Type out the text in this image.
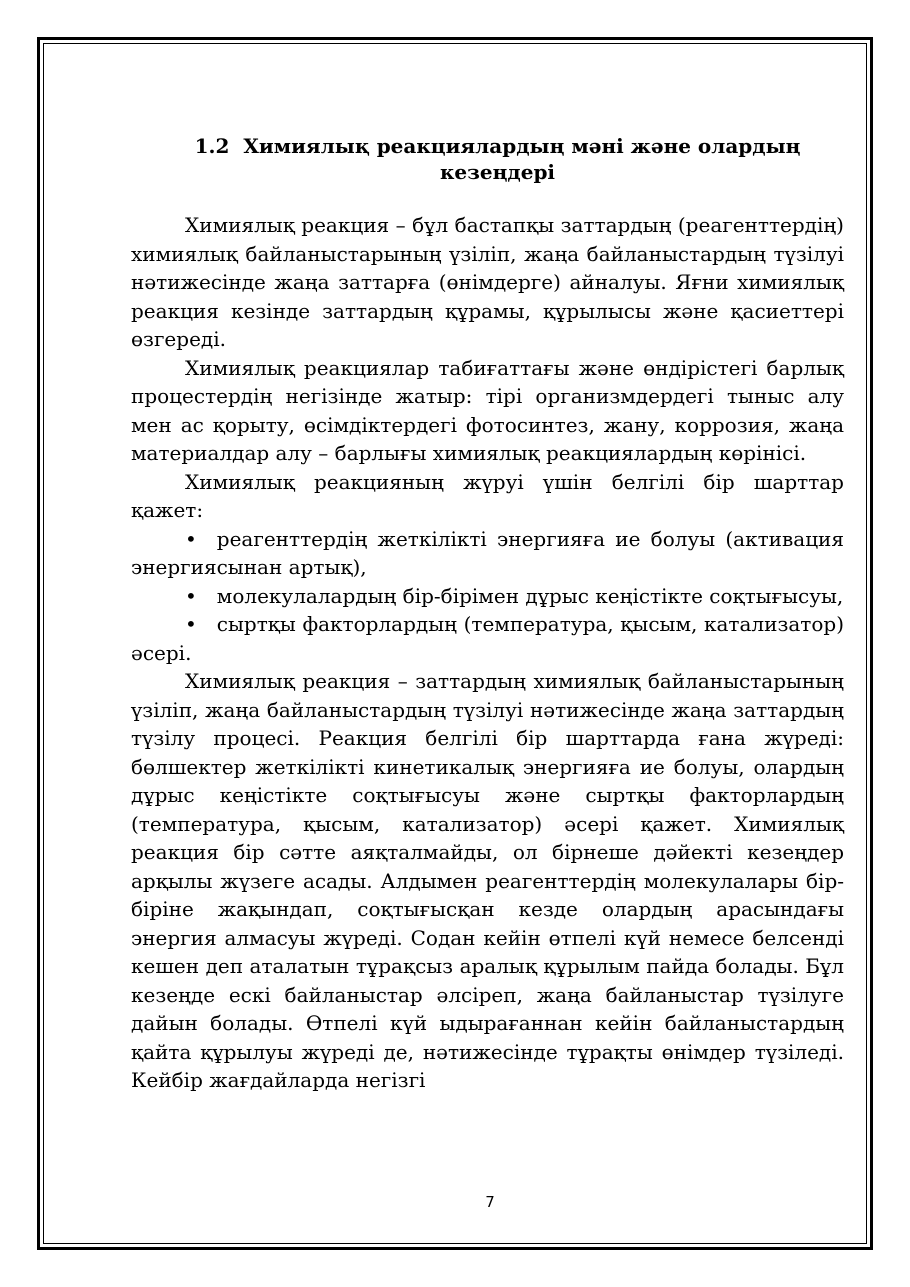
1.2 Химиялық реакциялардың мәні және олардың кезеңдері

Химиялық реакция – бұл бастапқы заттардың (реагенттердің) химиялық байланыстарының үзіліп, жаңа байланыстардың түзілуі нәтижесінде жаңа заттарға (өнімдерге) айналуы. Яғни химиялық реакция кезінде заттардың құрамы, құрылысы және қасиеттері өзгереді.

Химиялық реакциялар табиғаттағы және өндірістегі барлық процестердің негізінде жатыр: тірі организмдердегі тыныс алу мен ас қорыту, өсімдіктердегі фотосинтез, жану, коррозия, жаңа материалдар алу – барлығы химиялық реакциялардың көрінісі.

Химиялық реакцияның жүруі үшін белгілі бір шарттар қажет:

• реагенттердің жеткілікті энергияға ие болуы (активация энергиясынан артық),

• молекулалардың бір-бірімен дұрыс кеңістікте соқтығысуы,

• сыртқы факторлардың (температура, қысым, катализатор) әсері.

Химиялық реакция – заттардың химиялық байланыстарының үзіліп, жаңа байланыстардың түзілуі нәтижесінде жаңа заттардың түзілу процесі. Реакция белгілі бір шарттарда ғана жүреді: бөлшектер жеткілікті кинетикалық энергияға ие болуы, олардың дұрыс кеңістікте соқтығысуы және сыртқы факторлардың (температура, қысым, катализатор) әсері қажет. Химиялық реакция бір сәтте аяқталмайды, ол бірнеше дәйекті кезеңдер арқылы жүзеге асады. Алдымен реагенттердің молекулалары бір-біріне жақындап, соқтығысқан кезде олардың арасындағы энергия алмасуы жүреді. Содан кейін өтпелі күй немесе белсенді кешен деп аталатын тұрақсыз аралық құрылым пайда болады. Бұл кезеңде ескі байланыстар әлсіреп, жаңа байланыстар түзілуге дайын болады. Өтпелі күй ыдырағаннан кейін байланыстардың қайта құрылуы жүреді де, нәтижесінде тұрақты өнімдер түзіледі. Кейбір жағдайларда негізгі

7
